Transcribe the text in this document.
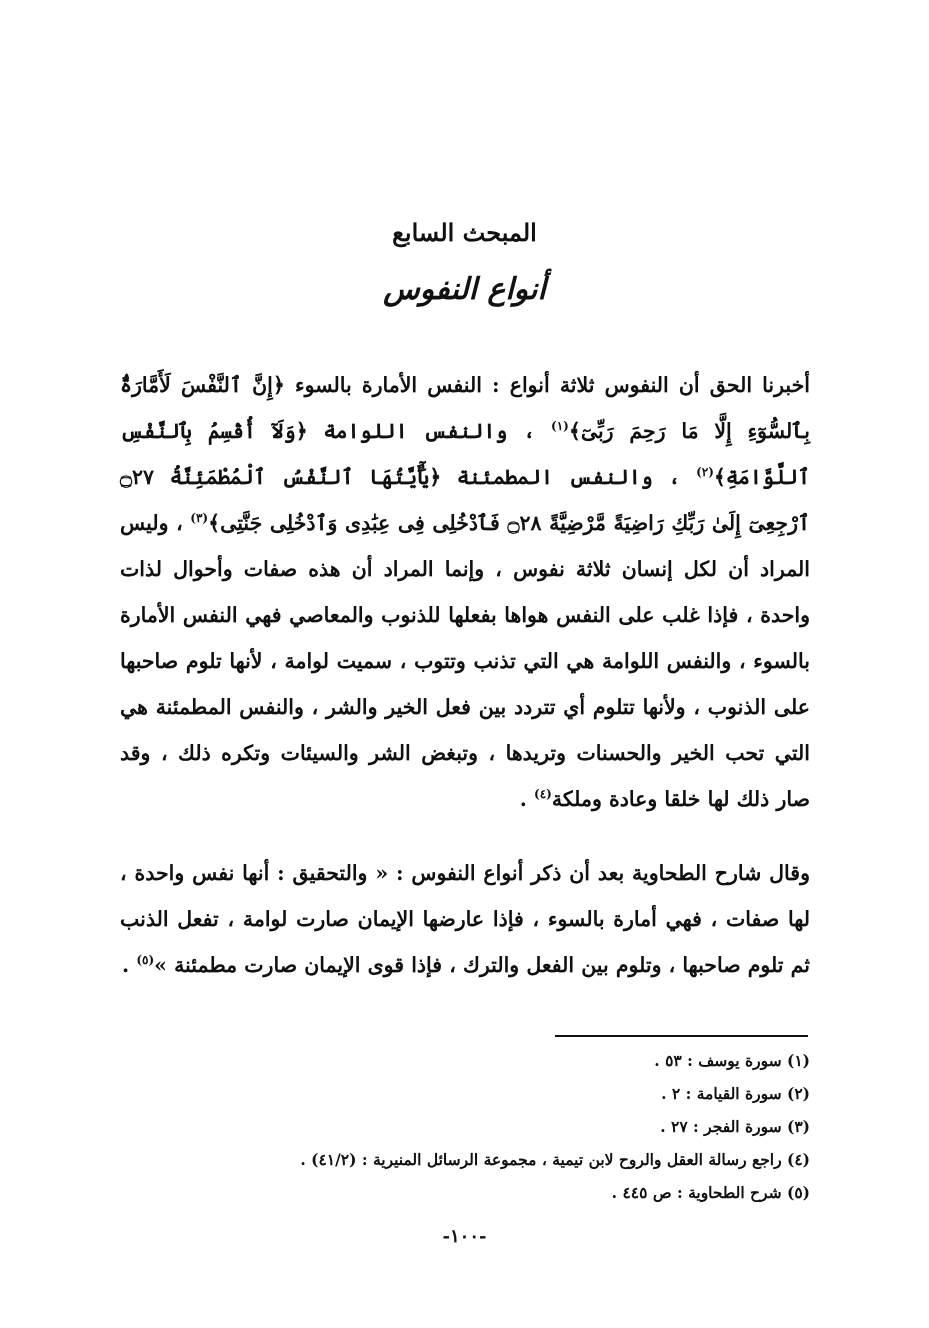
المبحث السابع
أنواع النفوس
أخبرنا الحق أن النفوس ثلاثة أنواع : النفس الأمارة بالسوء ﴿إِنَّ ٱلنَّفْسَ لَأَمَّارَةٌۢ بِٱلسُّوٓءِ إِلَّا مَا رَحِمَ رَبِّىٓ﴾$^{(١)}$ ، والنفس اللوامة ﴿وَلَآ أُقْسِمُ بِٱلنَّفْسِ ٱللَّوَّامَةِ﴾$^{(٢)}$ ، والنفس المطمئنة ﴿يَٰٓأَيَّتُهَا ٱلنَّفْسُ ٱلْمُطْمَئِنَّةُ ۝٢٧ ٱرْجِعِىٓ إِلَىٰ رَبِّكِ رَاضِيَةً مَّرْضِيَّةً ۝٢٨ فَٱدْخُلِى فِى عِبَٰدِى وَٱدْخُلِى جَنَّتِى﴾$^{(٣)}$ ، وليس المراد أن لكل إنسان ثلاثة نفوس ، وإنما المراد أن هذه صفات وأحوال لذات واحدة ، فإذا غلب على النفس هواها بفعلها للذنوب والمعاصي فهي النفس الأمارة بالسوء ، والنفس اللوامة هي التي تذنب وتتوب ، سميت لوامة ، لأنها تلوم صاحبها على الذنوب ، ولأنها تتلوم أي تتردد بين فعل الخير والشر ، والنفس المطمئنة هي التي تحب الخير والحسنات وتريدها ، وتبغض الشر والسيئات وتكره ذلك ، وقد صار ذلك لها خلقا وعادة وملكة$^{(٤)}$ .
وقال شارح الطحاوية بعد أن ذكر أنواع النفوس : « والتحقيق : أنها نفس واحدة ، لها صفات ، فهي أمارة بالسوء ، فإذا عارضها الإيمان صارت لوامة ، تفعل الذنب ثم تلوم صاحبها ، وتلوم بين الفعل والترك ، فإذا قوى الإيمان صارت مطمئنة »$^{(٥)}$ .
(١) سورة يوسف : ٥٣ .
(٢) سورة القيامة : ٢ .
(٣) سورة الفجر : ٢٧ .
(٤) راجع رسالة العقل والروح لابن تيمية ، مجموعة الرسائل المنيرية : (٤١/٢) .
(٥) شرح الطحاوية : ص ٤٤٥ .
-١٠٠-
